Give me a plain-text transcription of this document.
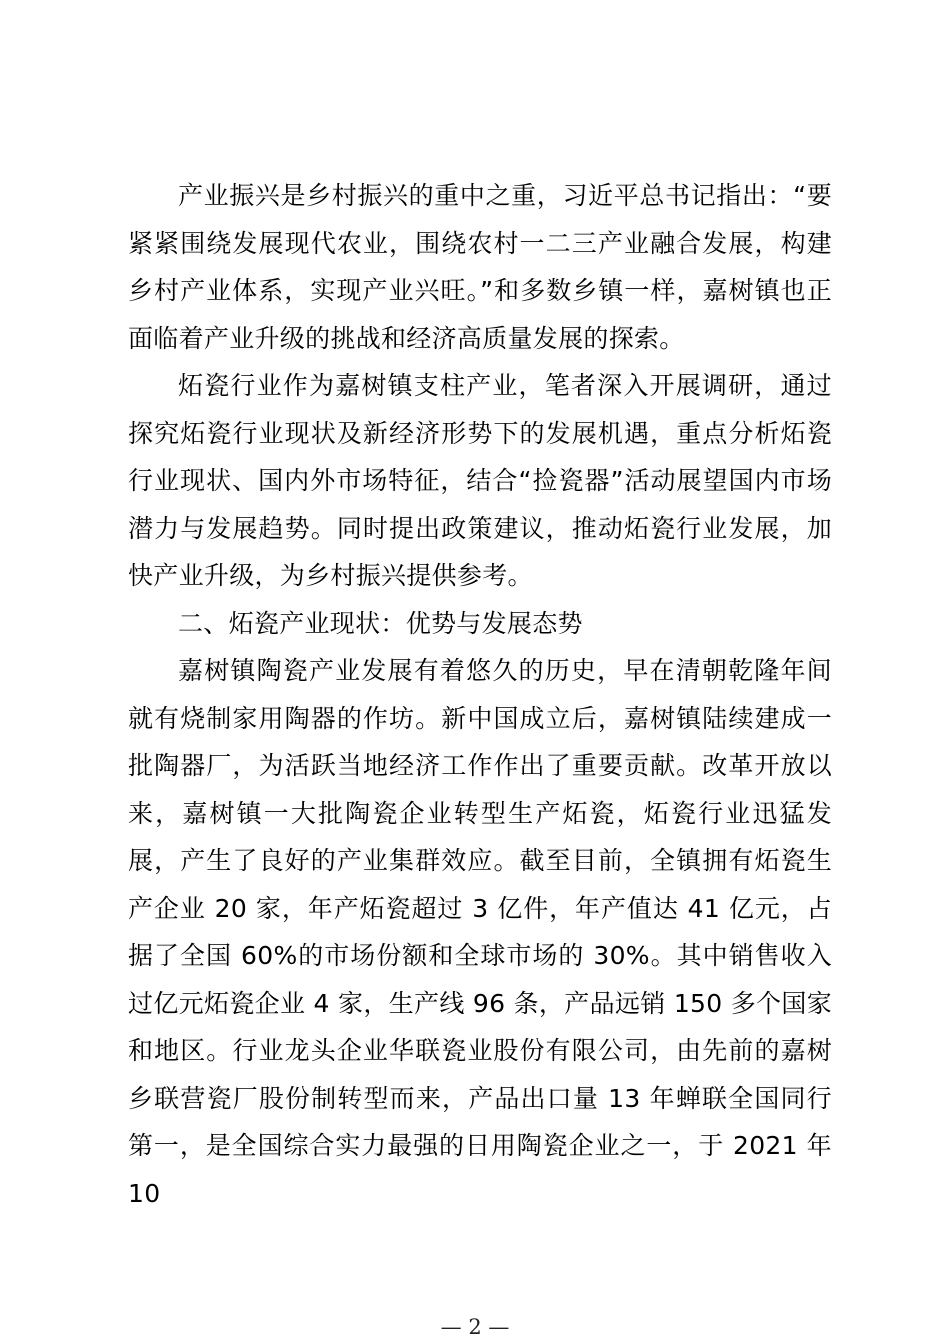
产业振兴是乡村振兴的重中之重，习近平总书记指出：“要紧紧围绕发展现代农业，围绕农村一二三产业融合发展，构建乡村产业体系，实现产业兴旺。”和多数乡镇一样，嘉树镇也正面临着产业升级的挑战和经济高质量发展的探索。

炻瓷行业作为嘉树镇支柱产业，笔者深入开展调研，通过探究炻瓷行业现状及新经济形势下的发展机遇，重点分析炻瓷行业现状、国内外市场特征，结合“捡瓷器”活动展望国内市场潜力与发展趋势。同时提出政策建议，推动炻瓷行业发展，加快产业升级，为乡村振兴提供参考。

二、炻瓷产业现状：优势与发展态势

嘉树镇陶瓷产业发展有着悠久的历史，早在清朝乾隆年间就有烧制家用陶器的作坊。新中国成立后，嘉树镇陆续建成一批陶器厂，为活跃当地经济工作作出了重要贡献。改革开放以来，嘉树镇一大批陶瓷企业转型生产炻瓷，炻瓷行业迅猛发展，产生了良好的产业集群效应。截至目前，全镇拥有炻瓷生产企业 20 家，年产炻瓷超过 3 亿件，年产值达 41 亿元，占据了全国 60%的市场份额和全球市场的 30%。其中销售收入过亿元炻瓷企业 4 家，生产线 96 条，产品远销 150 多个国家和地区。行业龙头企业华联瓷业股份有限公司，由先前的嘉树乡联营瓷厂股份制转型而来，产品出口量 13 年蝉联全国同行第一，是全国综合实力最强的日用陶瓷企业之一，于 2021 年 10

— 2 —
